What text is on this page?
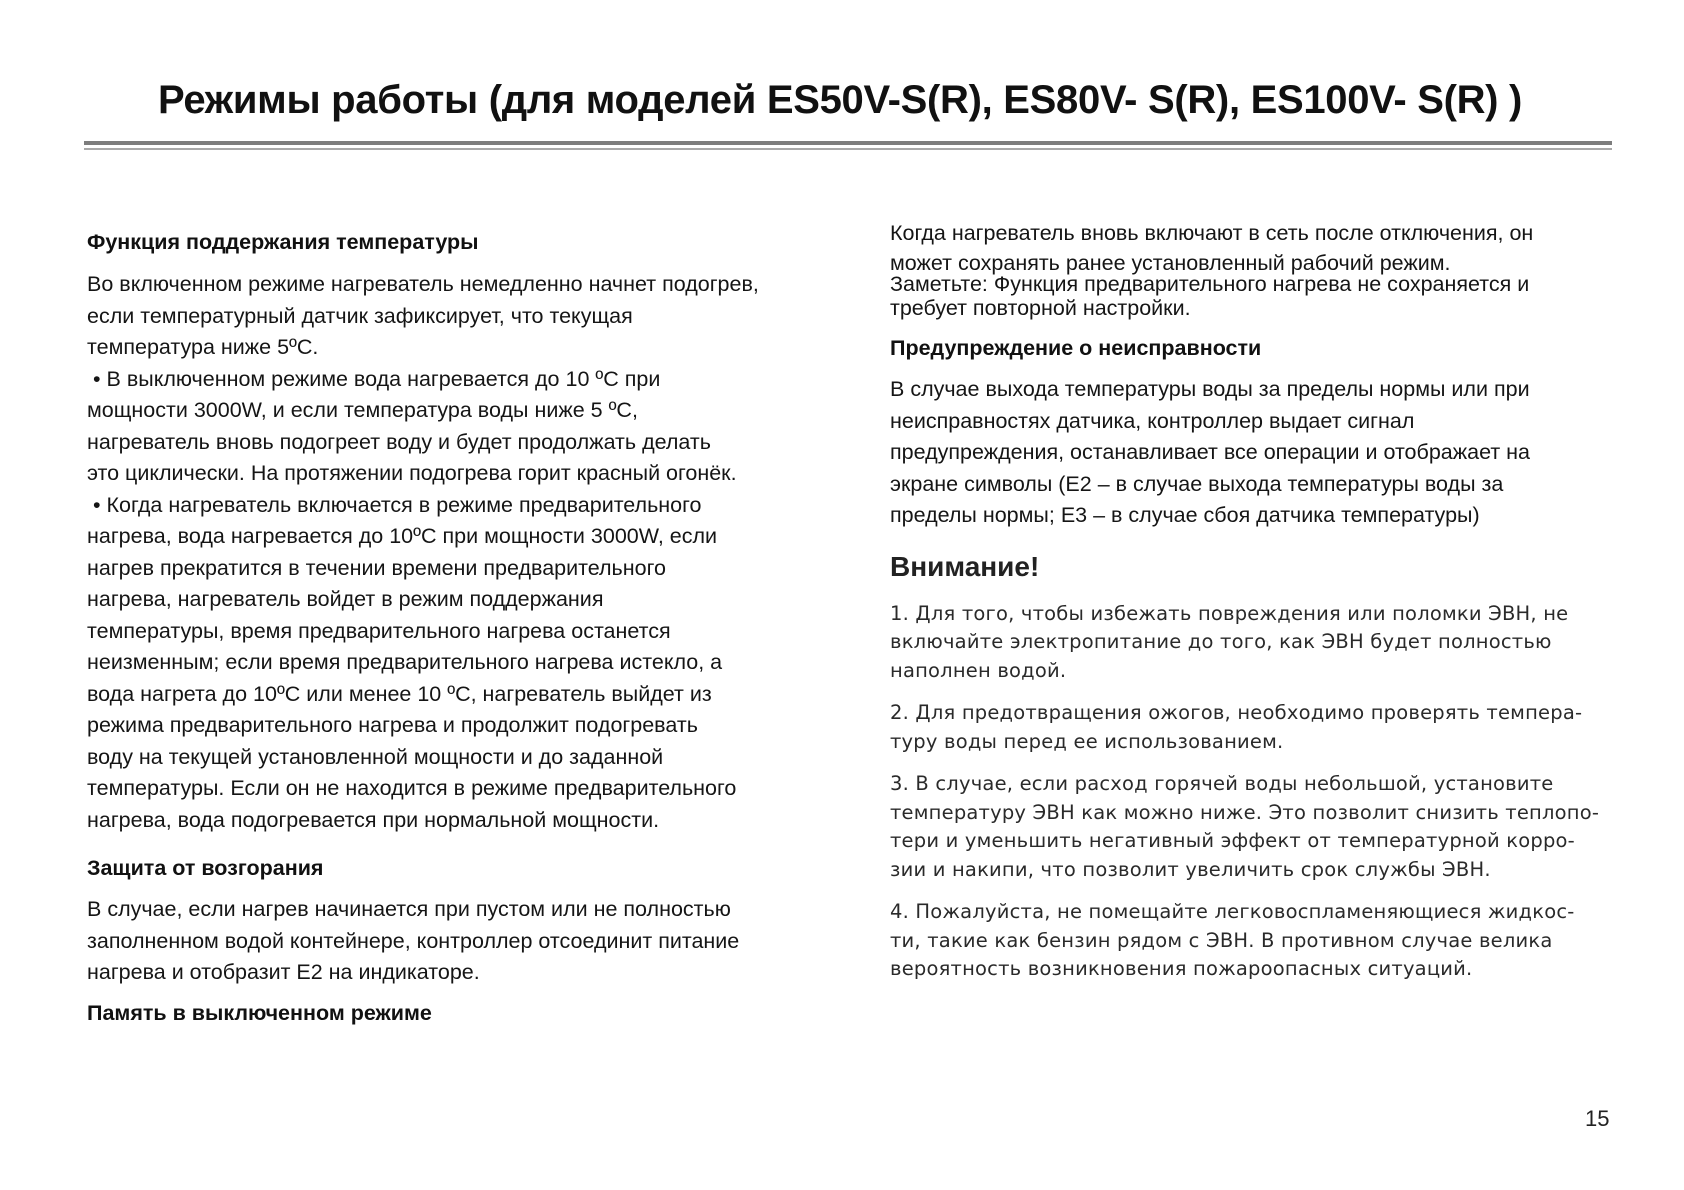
Режимы работы (для моделей ES50V-S(R), ES80V- S(R), ES100V- S(R) )
Функция поддержания температуры
Во включенном режиме нагреватель немедленно начнет подогрев,
если температурный датчик зафиксирует, что текущая
температура ниже 5ºС.
• В выключенном режиме вода нагревается до 10 ºС при
мощности 3000W, и если температура воды ниже 5 ºС,
нагреватель вновь подогреет воду и будет продолжать делать
это циклически. На протяжении подогрева горит красный огонёк.
• Когда нагреватель включается в режиме предварительного
нагрева, вода нагревается до 10ºС при мощности 3000W, если
нагрев прекратится в течении времени предварительного
нагрева, нагреватель войдет в режим поддержания
температуры, время предварительного нагрева останется
неизменным; если время предварительного нагрева истекло, а
вода нагрета до 10ºС или менее 10 ºС, нагреватель выйдет из
режима предварительного нагрева и продолжит подогревать
воду на текущей установленной мощности и до заданной
температуры. Если он не находится в режиме предварительного
нагрева, вода подогревается при нормальной мощности.
Защита от возгорания
В случае, если нагрев начинается при пустом или не полностью
заполненном водой контейнере, контроллер отсоединит питание
нагрева и отобразит Е2 на индикаторе.
Память в выключенном режиме
Когда нагреватель вновь включают в сеть после отключения, он
может сохранять ранее установленный рабочий режим.
Заметьте: Функция предварительного нагрева не сохраняется и
требует повторной настройки.
Предупреждение о неисправности
В случае выхода температуры воды за пределы нормы или при
неисправностях датчика, контроллер выдает сигнал
предупреждения, останавливает все операции и отображает на
экране символы (Е2 – в случае выхода температуры воды за
пределы нормы; Е3 – в случае сбоя датчика температуры)
Внимание!
1. Для того, чтобы избежать повреждения или поломки ЭВН, не
включайте электропитание до того, как ЭВН будет полностью
наполнен водой.
2. Для предотвращения ожогов, необходимо проверять темпера-
туру воды перед ее использованием.
3. В случае, если расход горячей воды небольшой, установите
температуру ЭВН как можно ниже. Это позволит снизить теплопо-
тери и уменьшить негативный эффект от температурной корро-
зии и накипи, что позволит увеличить срок службы ЭВН.
4. Пожалуйста, не помещайте легковоспламеняющиеся жидкос-
ти, такие как бензин рядом с ЭВН. В противном случае велика
вероятность возникновения пожароопасных ситуаций.
15
